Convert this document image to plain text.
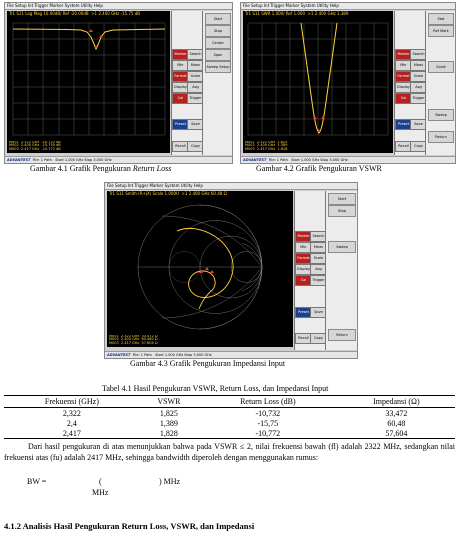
File Setup Int Trigger Marker System Utility Help
Tr1 S11 Log Mag 10.00dB/ Ref -20.00dB >1 2.400 GHz -15.75 dB
M001  2.322 GHz  -10.732 dB
M002  2.400 GHz  -15.750 dB
M003  2.417 GHz  -10.772 dB
Marker Search
Mkr	Meas
Format	Scale
Display	Avg
Cal	Trigger
Preset	Save
Recall	Copy
Start
Stop
Center
Span
Sweep Setup
ADVANTEST File: 1 Path Start 1.000 GHz Stop 3.000 GHz
Gambar 4.1 Grafik Pengukuran Return Loss
File Setup Int Trigger Marker System Utility Help
Tr1 S11 SWR 1.000/ Ref 1.000 >1 2.400 GHz 1.389
M001  2.322 GHz  1.825
M002  2.400 GHz  1.389
M003  2.417 GHz  1.828
Marker Search
Mkr	Meas
Format	Scale
Display	Avg
Cal	Trigger
Preset	Save
Recall	Copy
Stat
Ref Mark
Scale
Sweep
Return
ADVANTEST File: 1 Path Start 1.000 GHz Stop 3.000 GHz
Gambar 4.2 Grafik Pengukuran VSWR
File Setup Int Trigger Marker System Utility Help
Tr1 S11 Smith (R+jX) Scale 1.000U >1 2.400 GHz 60.48 Ω
M001  2.322 GHz  33.472 Ω
M002  2.400 GHz  60.480 Ω
M003  2.417 GHz  57.604 Ω
Marker Search
Mkr	Meas
Format	Scale
Display	Avg
Cal	Trigger
Preset	Save
Recall	Copy
Start
Stop
Sweep
Return
ADVANTEST File: 1 Path Start 1.000 GHz Stop 3.000 GHz
Gambar 4.3 Grafik Pengukuran Impedansi Input
Tabel 4.1 Hasil Pengukuran VSWR, Return Loss, dan Impedansi Input
Frekuensi (GHz)	VSWR	Return Loss (dB)	Impedansi (Ω)
2,322	1,825	-10,732	33,472
2,4	1,389	-15,75	60,48
2,417	1,828	-10,772	57,604
Dari hasil pengukuran di atas menunjukkan bahwa pada VSWR ≤ 2, nilai frekuensi bawah (fl) adalah 2322 MHz, sedangkan nilai frekuensi atas (fu) adalah 2417 MHz, sehingga bandwidth diperoleh dengan menggunakan rumus:
BW =	(	) MHz
MHz
4.1.2 Analisis Hasil Pengukuran Return Loss, VSWR, dan Impedansi
